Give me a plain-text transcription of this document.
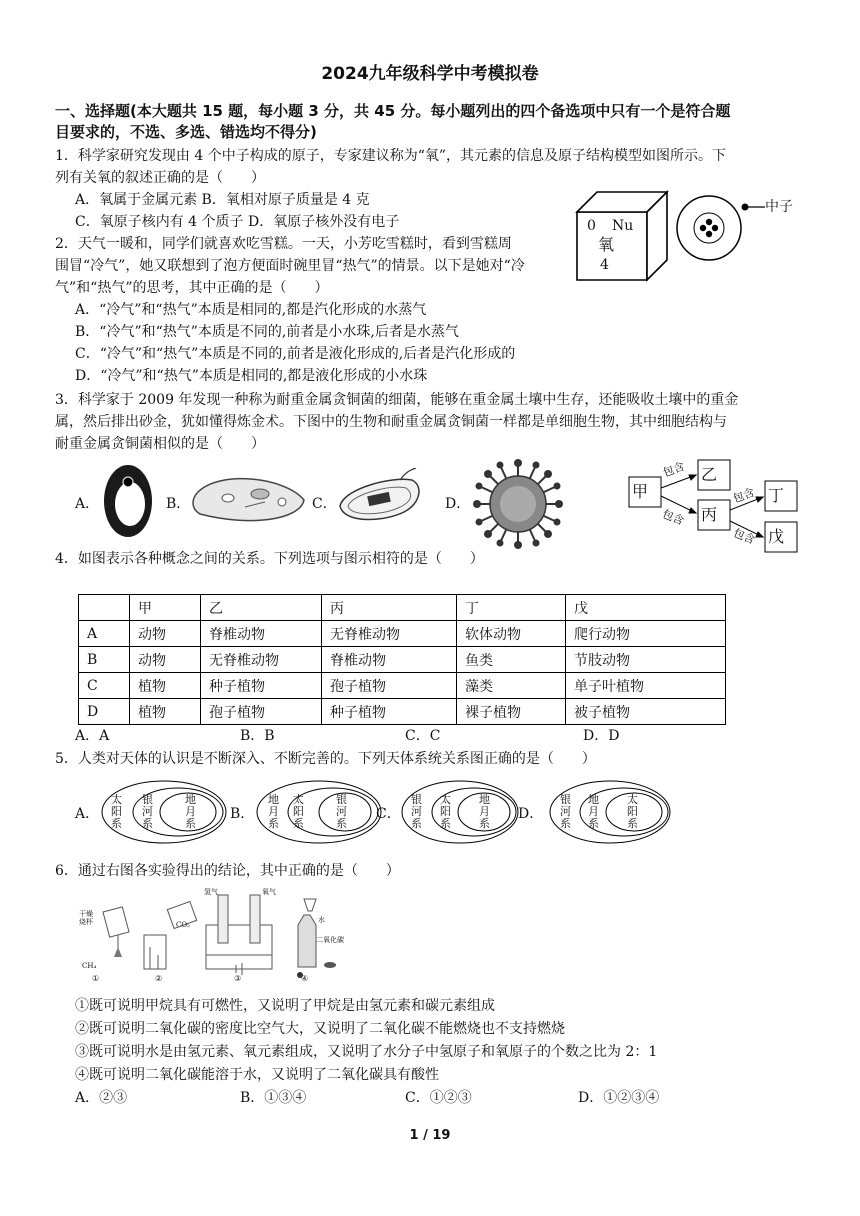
2024九年级科学中考模拟卷
一、选择题(本大题共 15 题，每小题 3 分，共 45 分。每小题列出的四个备选项中只有一个是符合题
目要求的，不选、多选、错选均不得分)
1．科学家研究发现由 4 个中子构成的原子，专家建议称为“氧”，其元素的信息及原子结构模型如图所示。下
列有关氧的叙述正确的是（　　）
A．氧属于金属元素 B．氧相对原子质量是 4 克
C．氧原子核内有 4 个质子 D．氧原子核外没有电子	0 Nu
氧
4
中子
2．天气一暖和，同学们就喜欢吃雪糕。一天，小芳吃雪糕时，看到雪糕周
围冒“冷气”，她又联想到了泡方便面时碗里冒“热气”的情景。以下是她对“冷
气”和“热气”的思考，其中正确的是（　　）
A．“冷气”和“热气”本质是相同的,都是汽化形成的水蒸气
B．“冷气”和“热气”本质是不同的,前者是小水珠,后者是水蒸气
C．“冷气”和“热气”本质是不同的,前者是液化形成的,后者是汽化形成的
D．“冷气”和“热气”本质是相同的,都是液化形成的小水珠
3．科学家于 2009 年发现一种称为耐重金属贪铜菌的细菌，能够在重金属土壤中生存，还能吸收土壤中的重金
属，然后排出砂金，犹如懂得炼金术。下图中的生物和耐重金属贪铜菌一样都是单细胞生物，其中细胞结构与
耐重金属贪铜菌相似的是（　　）
A．	B．	C．	D．
甲
乙
丙
丁
戊
包含
包含
包含
包含
4．如图表示各种概念之间的关系。下列选项与图示相符的是（　　）
	甲	乙	丙	丁	戊
A	动物	脊椎动物	无脊椎动物	软体动物	爬行动物
B	动物	无脊椎动物	脊椎动物	鱼类	节肢动物
C	植物	种子植物	孢子植物	藻类	单子叶植物
D	植物	孢子植物	种子植物	裸子植物	被子植物
A．A	B．B	C．C	D．D
5．人类对天体的认识是不断深入、不断完善的。下列天体系统关系图正确的是（　　）
A．
太阳系
银河系
地月系
B．
地月系
太阳系
银河系
C．
银河系
太阳系
地月系
D．
银河系
地月系
太阳系
6．通过右图各实验得出的结论，其中正确的是（　　）
干燥烧杯	CO₂
CH₄
氢气	氧气
水
二氧化碳
①	②	③	④
①既可说明甲烷具有可燃性，又说明了甲烷是由氢元素和碳元素组成
②既可说明二氧化碳的密度比空气大，又说明了二氧化碳不能燃烧也不支持燃烧
③既可说明水是由氢元素、氧元素组成，又说明了水分子中氢原子和氧原子的个数之比为 2：1
④既可说明二氧化碳能溶于水，又说明了二氧化碳具有酸性
A．②③	B．①③④	C．①②③	D．①②③④
1 / 19
